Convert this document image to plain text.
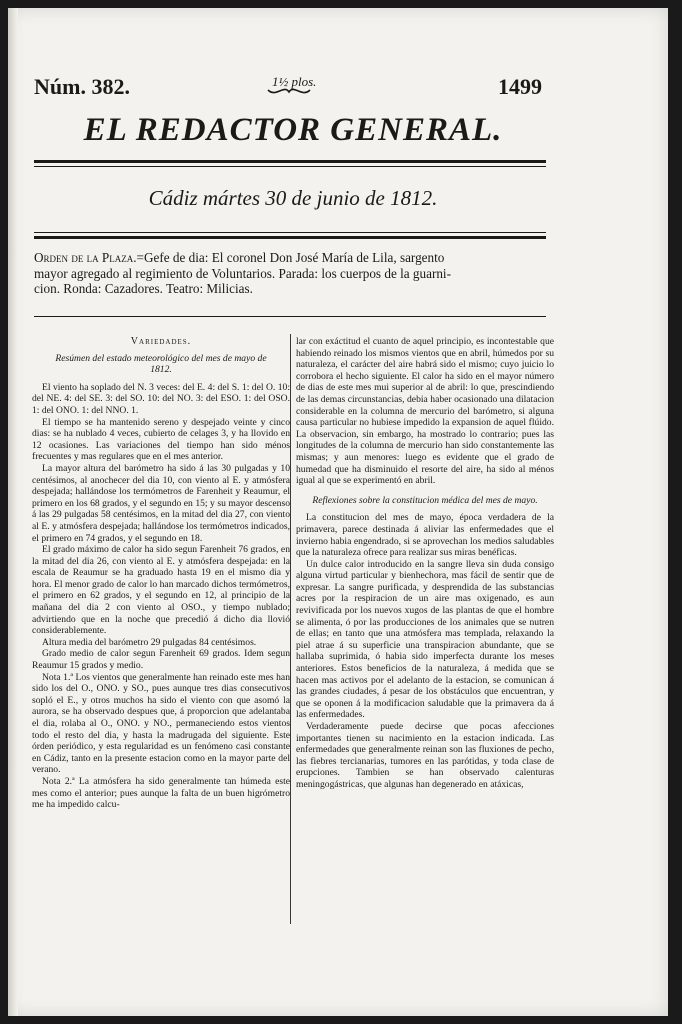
Núm. 382.	1½ plos.	1499
EL REDACTOR GENERAL.
Cádiz mártes 30 de junio de 1812.
Orden de la Plaza.=Gefe de dia: El coronel Don José María de Lila, sargento
mayor agregado al regimiento de Voluntarios. Parada: los cuerpos de la guarni-
cion. Ronda: Cazadores. Teatro: Milicias.

Variedades.

Resúmen del estado meteorológico del mes de mayo de 1812.

El viento ha soplado del N. 3 veces: del E. 4: del S. 1: del O. 10: del NE. 4: del SE. 3: del SO. 10: del NO. 3: del ESO. 1: del OSO. 1: del ONO. 1: del NNO. 1.

El tiempo se ha mantenido sereno y despejado veinte y cinco dias: se ha nublado 4 veces, cubierto de celages 3, y ha llovido en 12 ocasiones. Las variaciones del tiempo han sido ménos frecuentes y mas regulares que en el mes anterior.

La mayor altura del barómetro ha sido á las 30 pulgadas y 10 centésimos, al anochecer del dia 10, con viento al E. y atmósfera despejada; hallándose los termómetros de Farenheit y Reaumur, el primero en los 68 grados, y el segundo en 15; y su mayor descenso á las 29 pulgadas 58 centésimos, en la mitad del dia 27, con viento al E. y atmósfera despejada; hallándose los termómetros indicados, el primero en 74 grados, y el segundo en 18.

El grado máximo de calor ha sido segun Farenheit 76 grados, en la mitad del dia 26, con viento al E. y atmósfera despejada: en la escala de Reaumur se ha graduado hasta 19 en el mismo dia y hora. El menor grado de calor lo han marcado dichos termómetros, el primero en 62 grados, y el segundo en 12, al principio de la mañana del dia 2 con viento al OSO., y tiempo nublado; advirtiendo que en la noche que precedió á dicho dia llovió considerablemente.

Altura media del barómetro 29 pulgadas 84 centésimos.

Grado medio de calor segun Farenheit 69 grados. Idem segun Reaumur 15 grados y medio.

Nota 1.ª Los vientos que generalmente han reinado este mes han sido los del O., ONO. y SO., pues aunque tres dias consecutivos sopló el E., y otros muchos ha sido el viento con que asomó la aurora, se ha observado despues que, á proporcion que adelantaba el dia, rolaba al O., ONO. y NO., permaneciendo estos vientos todo el resto del dia, y hasta la madrugada del siguiente. Este órden periódico, y esta regularidad es un fenómeno casi constante en Cádiz, tanto en la presente estacion como en la mayor parte del verano.

Nota 2.ª La atmósfera ha sido generalmente tan húmeda este mes como el anterior; pues aunque la falta de un buen higrómetro me ha impedido calcu-

lar con exáctitud el cuanto de aquel principio, es incontestable que habiendo reinado los mismos vientos que en abril, húmedos por su naturaleza, el carácter del aire habrá sido el mismo; cuyo juicio lo corrobora el hecho siguiente. El calor ha sido en el mayor número de dias de este mes mui superior al de abril: lo que, prescindiendo de las demas circunstancias, debia haber ocasionado una dilatacion considerable en la columna de mercurio del barómetro, si alguna causa particular no hubiese impedido la expansion de aquel flúido. La observacion, sin embargo, ha mostrado lo contrario; pues las longitudes de la columna de mercurio han sido constantemente las mismas; y aun menores: luego es evidente que el grado de humedad que ha disminuido el resorte del aire, ha sido al ménos igual al que se experimentó en abril.

Reflexiones sobre la constitucion médica del mes de mayo.

La constitucion del mes de mayo, época verdadera de la primavera, parece destinada á aliviar las enfermedades que el invierno habia engendrado, si se aprovechan los medios saludables que la naturaleza ofrece para realizar sus miras benéficas.

Un dulce calor introducido en la sangre lleva sin duda consigo alguna virtud particular y bienhechora, mas fácil de sentir que de expresar. La sangre purificada, y desprendida de las substancias acres por la respiracion de un aire mas oxigenado, es aun revivificada por los nuevos xugos de las plantas de que el hombre se alimenta, ó por las producciones de los animales que se nutren de ellas; en tanto que una atmósfera mas templada, relaxando la piel atrae á su superficie una transpiracion abundante, que se hallaba suprimida, ó habia sido imperfecta durante los meses anteriores. Estos beneficios de la naturaleza, á medida que se hacen mas activos por el adelanto de la estacion, se comunican á las grandes ciudades, á pesar de los obstáculos que encuentran, y que se oponen á la modificacion saludable que la primavera da á las enfermedades.

Verdaderamente puede decirse que pocas afecciones importantes tienen su nacimiento en la estacion indicada. Las enfermedades que generalmente reinan son las fluxiones de pecho, las fiebres tercianarias, tumores en las parótidas, y toda clase de erupciones. Tambien se han observado calenturas meningogástricas, que algunas han degenerado en atáxicas,
